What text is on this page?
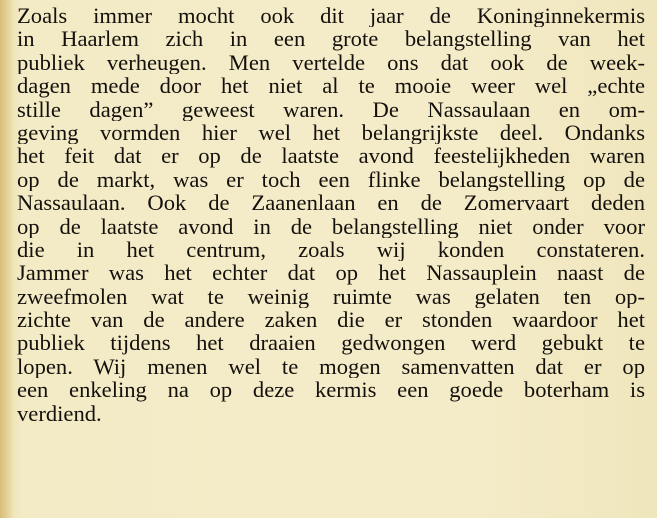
Zoals immer mocht ook dit jaar de Koninginnekermis
in Haarlem zich in een grote belangstelling van het
publiek verheugen. Men vertelde ons dat ook de week-
dagen mede door het niet al te mooie weer wel „echte
stille dagen” geweest waren. De Nassaulaan en om-
geving vormden hier wel het belangrijkste deel. Ondanks
het feit dat er op de laatste avond feestelijkheden waren
op de markt, was er toch een flinke belangstelling op de
Nassaulaan. Ook de Zaanenlaan en de Zomervaart deden
op de laatste avond in de belangstelling niet onder voor
die in het centrum, zoals wij konden constateren.
Jammer was het echter dat op het Nassauplein naast de
zweefmolen wat te weinig ruimte was gelaten ten op-
zichte van de andere zaken die er stonden waardoor het
publiek tijdens het draaien gedwongen werd gebukt te
lopen. Wij menen wel te mogen samenvatten dat er op
een enkeling na op deze kermis een goede boterham is
verdiend.
